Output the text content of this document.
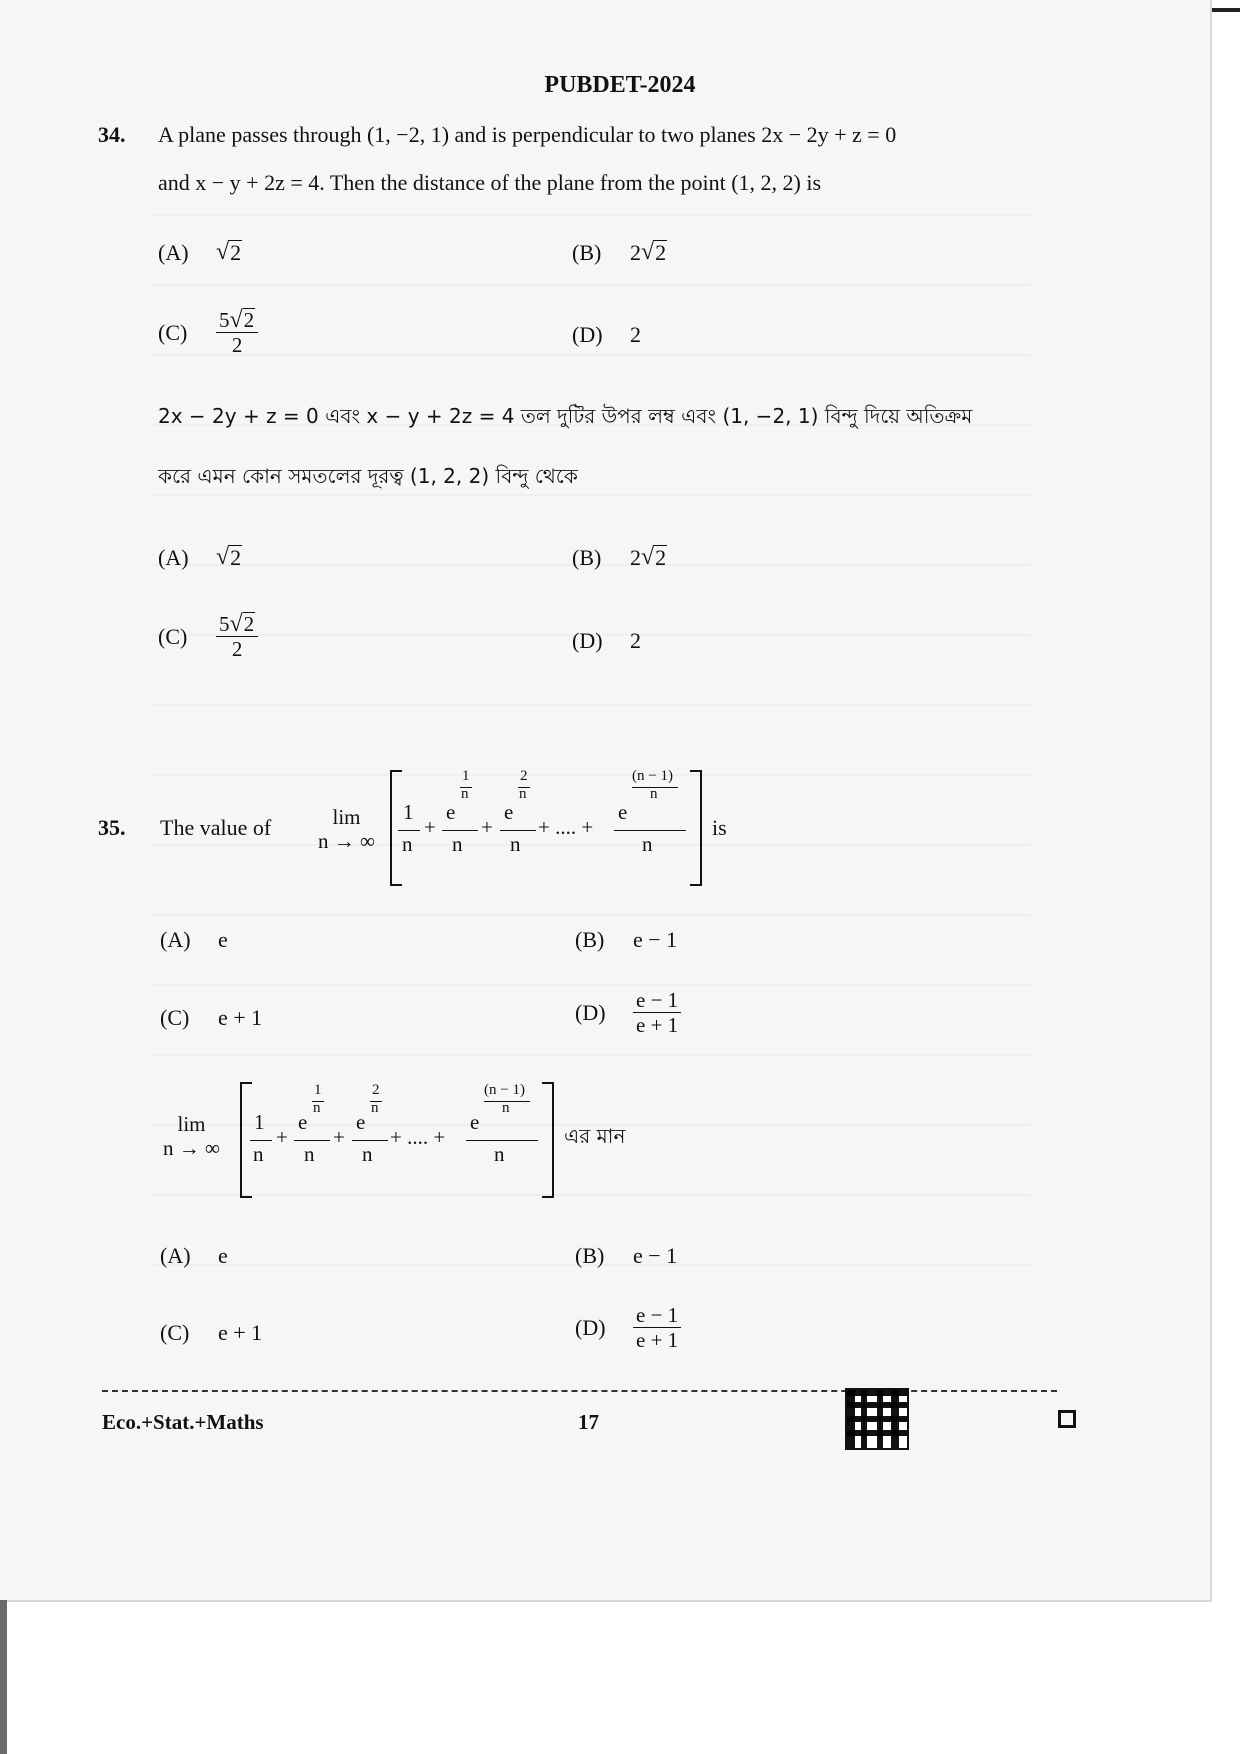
PUBDET-2024
34. A plane passes through (1, −2, 1) and is perpendicular to two planes 2x − 2y + z = 0
and x − y + 2z = 4. Then the distance of the plane from the point (1, 2, 2) is
(A)	√ 2	(B)	2 √ 2
(C)	$\frac{5 √ 2}{2}$	(D)	2
2x − 2y + z = 0 এবং x − y + 2z = 4 তল দুটির উপর লম্ব এবং (1, −2, 1) বিন্দু দিয়ে অতিক্রম
করে এমন কোন সমতলের দূরত্ব (1, 2, 2) বিন্দু থেকে
(A)	√ 2	(B)	2 √ 2
(C)	$\frac{5 √ 2}{2}$	(D)	2
35. The value of	lim
n → ∞
1
n
+
e
1
n
n
+
e
2
n
n
+ .... +
e
(n − 1)
n
n
is
(A)	e	(B)	e − 1
(C)	e + 1	(D)	$\frac{e - 1}{e + 1}$
lim
n → ∞
1
n
+
e
1
n
n
+
e
2
n
n
+ .... +
e
(n − 1)
n
n
এর মান
(A)	e	(B)	e − 1
(C)	e + 1	(D)	$\frac{e - 1}{e + 1}$
Eco.+Stat.+Maths	17
